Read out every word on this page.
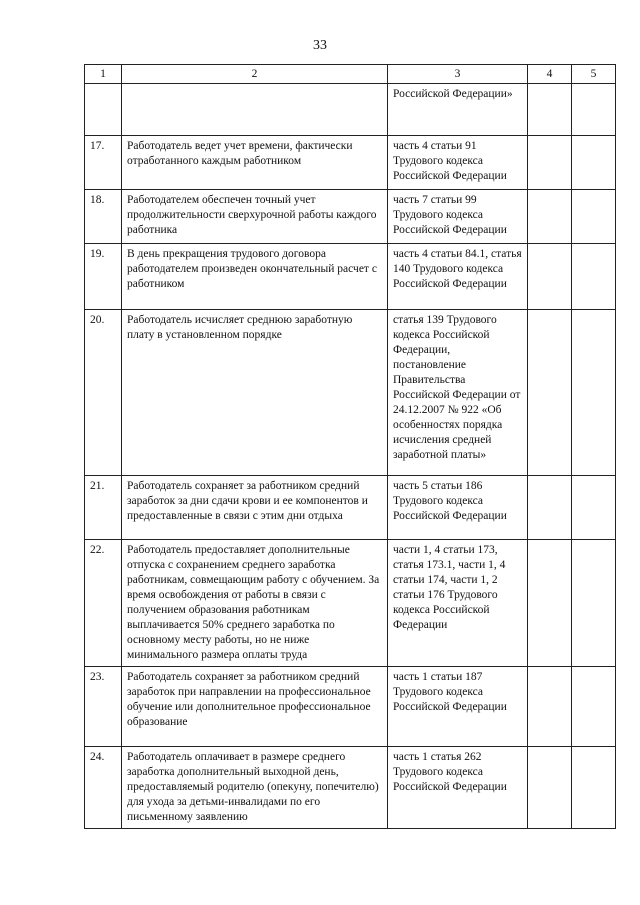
33
1	2	3	4	5
		Российской Федерации»		
17.	Работодатель ведет учет времени, фактически отработанного каждым работником	часть 4 статьи 91 Трудового кодекса Российской Федерации		
18.	Работодателем обеспечен точный учет продолжительности сверхурочной работы каждого работника	часть 7 статьи 99 Трудового кодекса Российской Федерации		
19.	В день прекращения трудового договора работодателем произведен окончательный расчет с работником	часть 4 статьи 84.1, статья 140 Трудового кодекса Российской Федерации		
20.	Работодатель исчисляет среднюю заработную плату в установленном порядке	статья 139 Трудового кодекса Российской Федерации, постановление Правительства Российской Федерации от 24.12.2007 № 922 «Об особенностях порядка исчисления средней заработной платы»		
21.	Работодатель сохраняет за работником средний заработок за дни сдачи крови и ее компонентов и предоставленные в связи с этим дни отдыха	часть 5 статьи 186 Трудового кодекса Российской Федерации		
22.	Работодатель предоставляет дополнительные отпуска с сохранением среднего заработка работникам, совмещающим работу с обучением. За время освобождения от работы в связи с получением образования работникам выплачивается 50% среднего заработка по основному месту работы, но не ниже минимального размера оплаты труда	части 1, 4 статьи 173, статья 173.1, части 1, 4 статьи 174, части 1, 2 статьи 176 Трудового кодекса Российской Федерации		
23.	Работодатель сохраняет за работником средний заработок при направлении на профессиональное обучение или дополнительное профессиональное образование	часть 1 статьи 187 Трудового кодекса Российской Федерации		
24.	Работодатель оплачивает в размере среднего заработка дополнительный выходной день, предоставляемый родителю (опекуну, попечителю) для ухода за детьми-инвалидами по его письменному заявлению	часть 1 статья 262 Трудового кодекса Российской Федерации		
